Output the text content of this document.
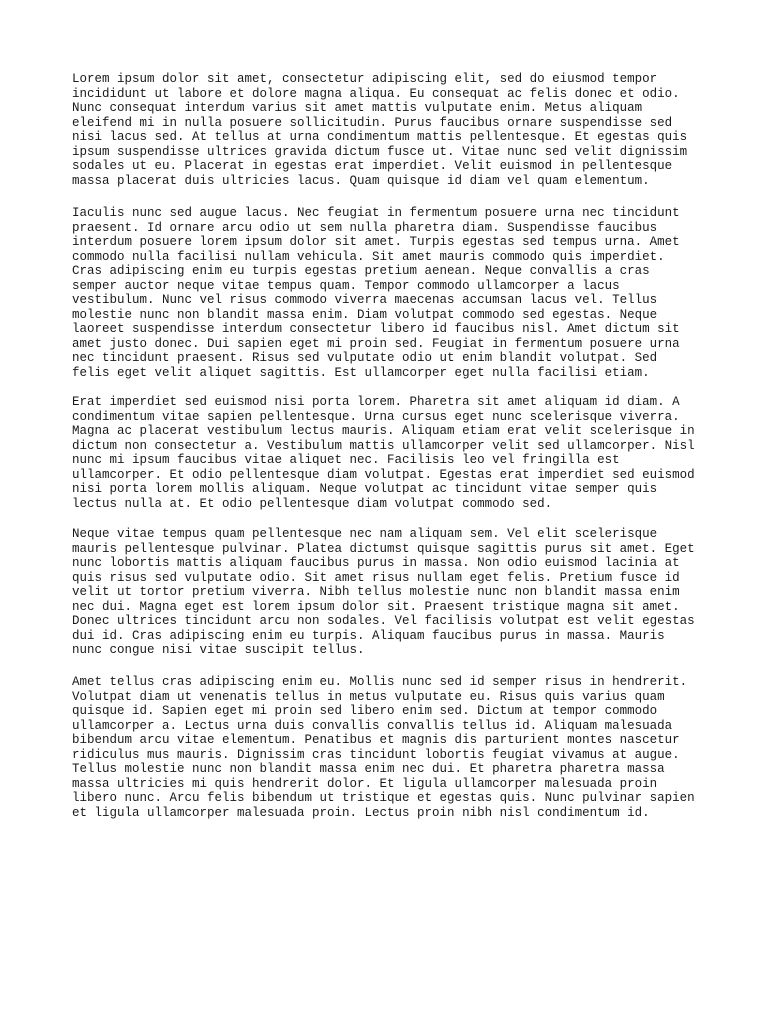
Lorem ipsum dolor sit amet, consectetur adipiscing elit, sed do eiusmod tempor
incididunt ut labore et dolore magna aliqua. Eu consequat ac felis donec et odio.
Nunc consequat interdum varius sit amet mattis vulputate enim. Metus aliquam
eleifend mi in nulla posuere sollicitudin. Purus faucibus ornare suspendisse sed
nisi lacus sed. At tellus at urna condimentum mattis pellentesque. Et egestas quis
ipsum suspendisse ultrices gravida dictum fusce ut. Vitae nunc sed velit dignissim
sodales ut eu. Placerat in egestas erat imperdiet. Velit euismod in pellentesque
massa placerat duis ultricies lacus. Quam quisque id diam vel quam elementum.
Iaculis nunc sed augue lacus. Nec feugiat in fermentum posuere urna nec tincidunt
praesent. Id ornare arcu odio ut sem nulla pharetra diam. Suspendisse faucibus
interdum posuere lorem ipsum dolor sit amet. Turpis egestas sed tempus urna. Amet
commodo nulla facilisi nullam vehicula. Sit amet mauris commodo quis imperdiet.
Cras adipiscing enim eu turpis egestas pretium aenean. Neque convallis a cras
semper auctor neque vitae tempus quam. Tempor commodo ullamcorper a lacus
vestibulum. Nunc vel risus commodo viverra maecenas accumsan lacus vel. Tellus
molestie nunc non blandit massa enim. Diam volutpat commodo sed egestas. Neque
laoreet suspendisse interdum consectetur libero id faucibus nisl. Amet dictum sit
amet justo donec. Dui sapien eget mi proin sed. Feugiat in fermentum posuere urna
nec tincidunt praesent. Risus sed vulputate odio ut enim blandit volutpat. Sed
felis eget velit aliquet sagittis. Est ullamcorper eget nulla facilisi etiam.
Erat imperdiet sed euismod nisi porta lorem. Pharetra sit amet aliquam id diam. A
condimentum vitae sapien pellentesque. Urna cursus eget nunc scelerisque viverra.
Magna ac placerat vestibulum lectus mauris. Aliquam etiam erat velit scelerisque in
dictum non consectetur a. Vestibulum mattis ullamcorper velit sed ullamcorper. Nisl
nunc mi ipsum faucibus vitae aliquet nec. Facilisis leo vel fringilla est
ullamcorper. Et odio pellentesque diam volutpat. Egestas erat imperdiet sed euismod
nisi porta lorem mollis aliquam. Neque volutpat ac tincidunt vitae semper quis
lectus nulla at. Et odio pellentesque diam volutpat commodo sed.
Neque vitae tempus quam pellentesque nec nam aliquam sem. Vel elit scelerisque
mauris pellentesque pulvinar. Platea dictumst quisque sagittis purus sit amet. Eget
nunc lobortis mattis aliquam faucibus purus in massa. Non odio euismod lacinia at
quis risus sed vulputate odio. Sit amet risus nullam eget felis. Pretium fusce id
velit ut tortor pretium viverra. Nibh tellus molestie nunc non blandit massa enim
nec dui. Magna eget est lorem ipsum dolor sit. Praesent tristique magna sit amet.
Donec ultrices tincidunt arcu non sodales. Vel facilisis volutpat est velit egestas
dui id. Cras adipiscing enim eu turpis. Aliquam faucibus purus in massa. Mauris
nunc congue nisi vitae suscipit tellus.
Amet tellus cras adipiscing enim eu. Mollis nunc sed id semper risus in hendrerit.
Volutpat diam ut venenatis tellus in metus vulputate eu. Risus quis varius quam
quisque id. Sapien eget mi proin sed libero enim sed. Dictum at tempor commodo
ullamcorper a. Lectus urna duis convallis convallis tellus id. Aliquam malesuada
bibendum arcu vitae elementum. Penatibus et magnis dis parturient montes nascetur
ridiculus mus mauris. Dignissim cras tincidunt lobortis feugiat vivamus at augue.
Tellus molestie nunc non blandit massa enim nec dui. Et pharetra pharetra massa
massa ultricies mi quis hendrerit dolor. Et ligula ullamcorper malesuada proin
libero nunc. Arcu felis bibendum ut tristique et egestas quis. Nunc pulvinar sapien
et ligula ullamcorper malesuada proin. Lectus proin nibh nisl condimentum id.
